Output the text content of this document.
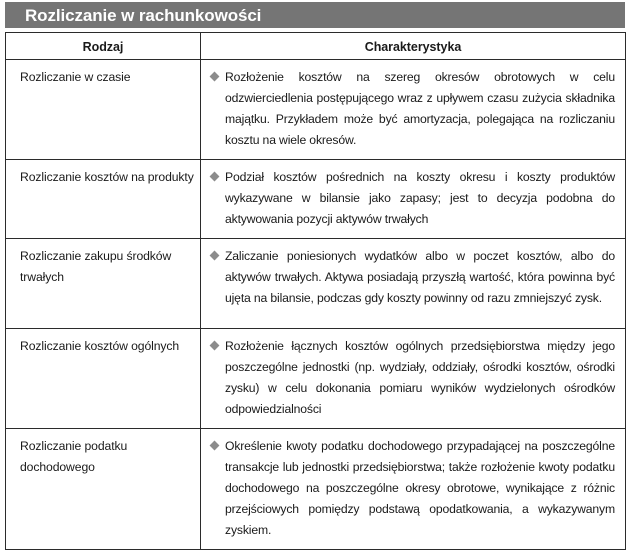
Rozliczanie w rachunkowości
Rodzaj	Charakterystyka
Rozliczanie w czasie	Rozłożenie kosztów na szereg okresów obrotowych w celu odzwierciedlenia postępującego wraz z upływem czasu zużycia składnika majątku. Przykładem może być amortyzacja, polegająca na rozliczaniu kosztu na wiele okresów.

Rozliczanie kosztów na produkty	Podział kosztów pośrednich na koszty okresu i koszty produktów wykazywane w bilansie jako zapasy; jest to decyzja podobna do aktywowania pozycji aktywów trwałych

Rozliczanie zakupu środków trwałych	Zaliczanie poniesionych wydatków albo w poczet kosztów, albo do aktywów trwałych. Aktywa posiadają przyszłą wartość, która powinna być ujęta na bilansie, podczas gdy koszty powinny od razu zmniejszyć zysk.

Rozliczanie kosztów ogólnych	Rozłożenie łącznych kosztów ogólnych przedsiębiorstwa między jego poszczególne jednostki (np. wydziały, oddziały, ośrodki kosztów, ośrodki zysku) w celu dokonania pomiaru wyników wydzielonych ośrodków odpowiedzialności

Rozliczanie podatku dochodowego	Określenie kwoty podatku dochodowego przypadającej na poszczególne transakcje lub jednostki przedsiębiorstwa; także rozłożenie kwoty podatku dochodowego na poszczególne okresy obrotowe, wynikające z różnic przejściowych pomiędzy podstawą opodatkowania, a wykazywanym zyskiem.
